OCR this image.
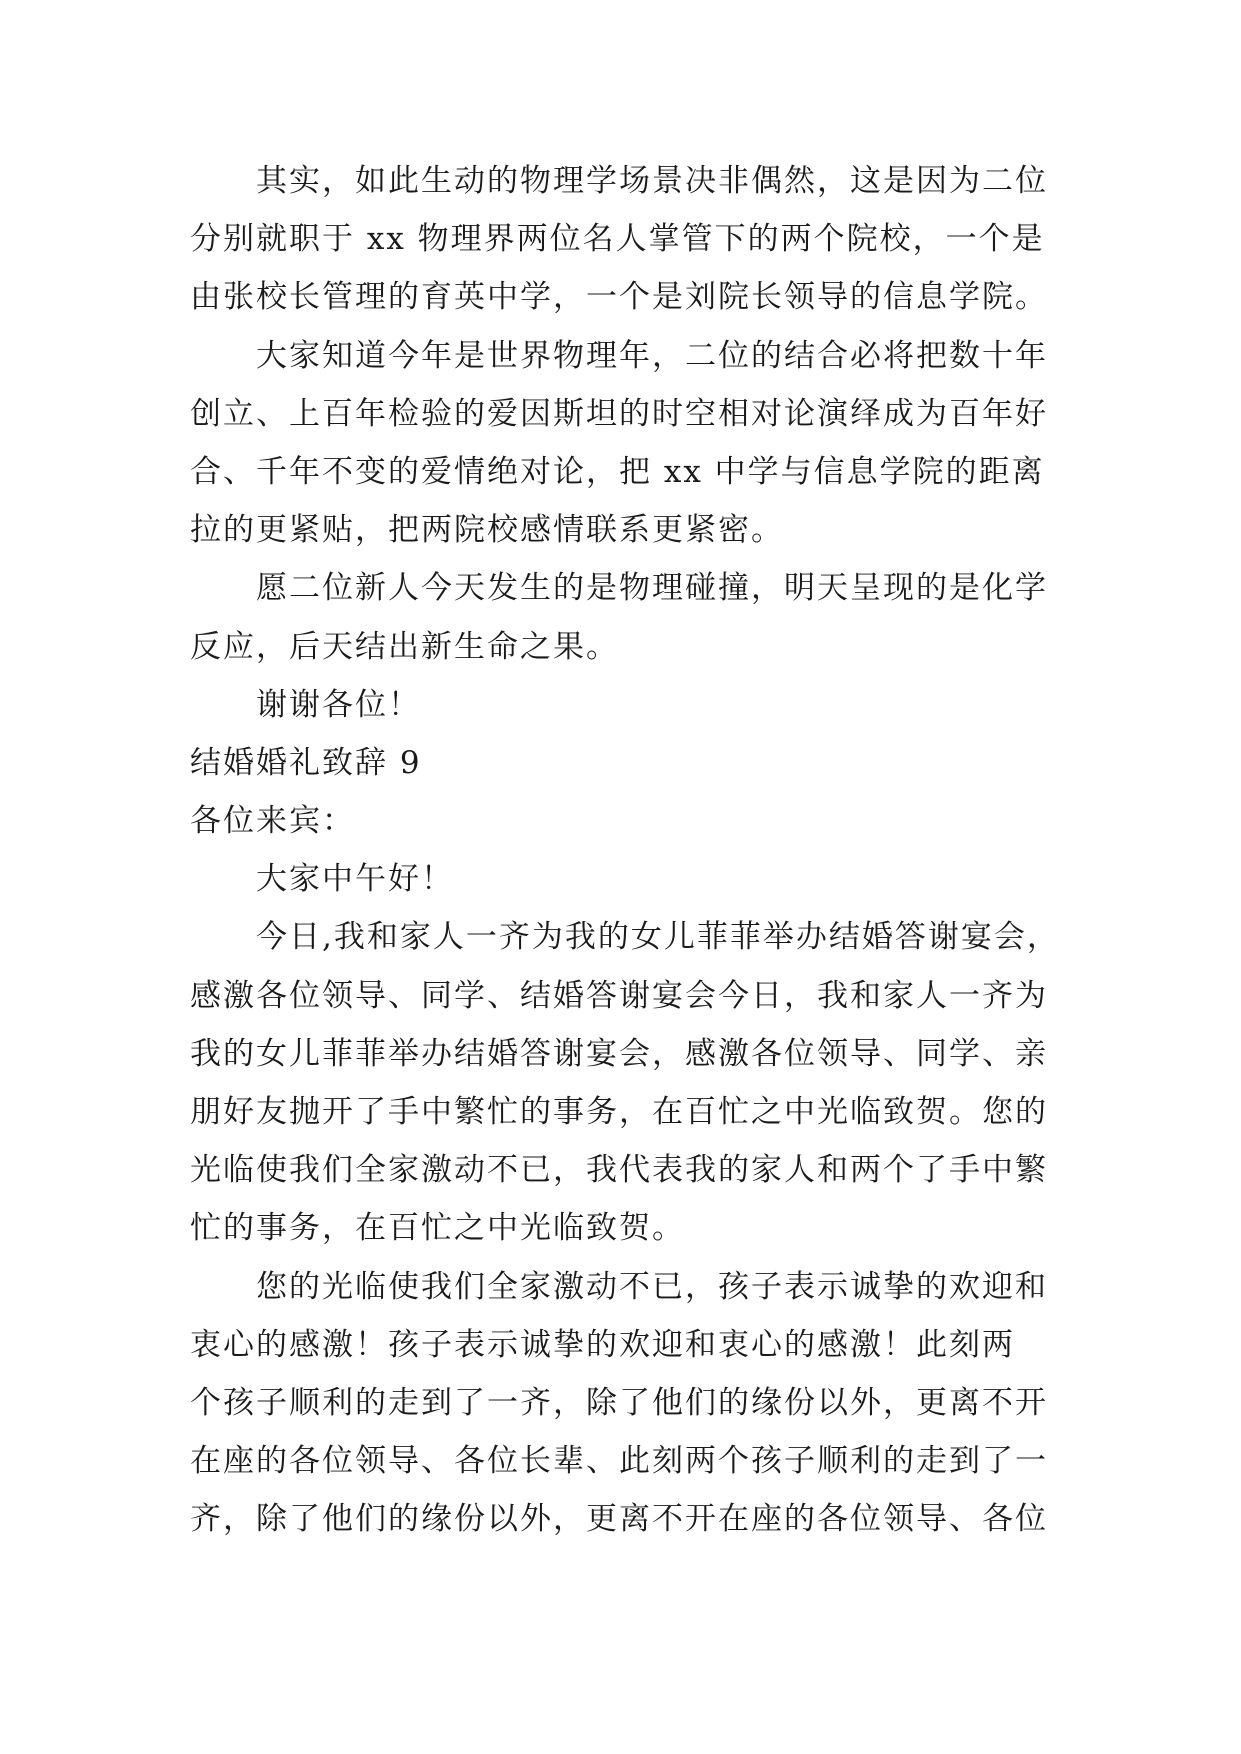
其实，如此生动的物理学场景决非偶然，这是因为二位
分别就职于 xx 物理界两位名人掌管下的两个院校，一个是
由张校长管理的育英中学，一个是刘院长领导的信息学院。
大家知道今年是世界物理年，二位的结合必将把数十年
创立、上百年检验的爱因斯坦的时空相对论演绎成为百年好
合、千年不变的爱情绝对论，把 xx 中学与信息学院的距离
拉的更紧贴，把两院校感情联系更紧密。
愿二位新人今天发生的是物理碰撞，明天呈现的是化学
反应，后天结出新生命之果。
谢谢各位！
结婚婚礼致辞 9
各位来宾：
大家中午好！
今日,我和家人一齐为我的女儿菲菲举办结婚答谢宴会，
感激各位领导、同学、结婚答谢宴会今日，我和家人一齐为
我的女儿菲菲举办结婚答谢宴会，感激各位领导、同学、亲
朋好友抛开了手中繁忙的事务，在百忙之中光临致贺。您的
光临使我们全家激动不已，我代表我的家人和两个了手中繁
忙的事务，在百忙之中光临致贺。
您的光临使我们全家激动不已，孩子表示诚挚的欢迎和
衷心的感激！孩子表示诚挚的欢迎和衷心的感激！此刻两
个孩子顺利的走到了一齐，除了他们的缘份以外，更离不开
在座的各位领导、各位长辈、此刻两个孩子顺利的走到了一
齐，除了他们的缘份以外，更离不开在座的各位领导、各位
